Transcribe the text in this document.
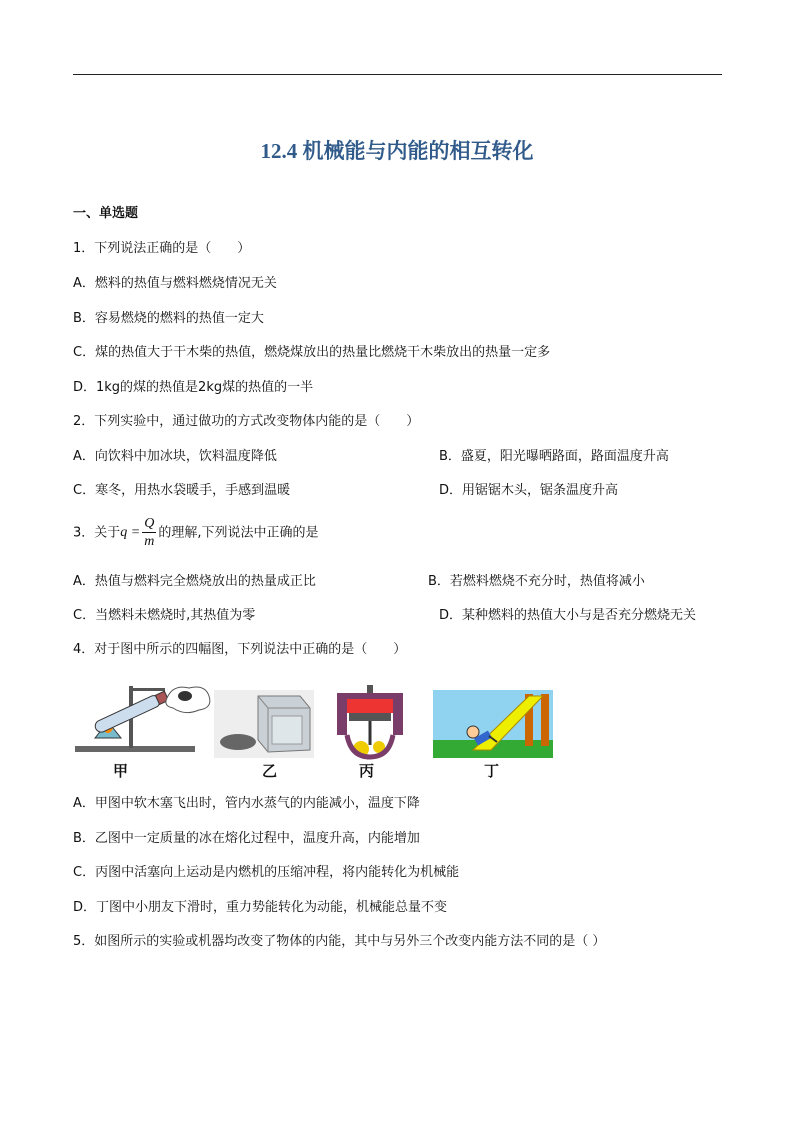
12.4 机械能与内能的相互转化
一、单选题
1．下列说法正确的是（　　）
A．燃料的热值与燃料燃烧情况无关
B．容易燃烧的燃料的热值一定大
C．煤的热值大于干木柴的热值，燃烧煤放出的热量比燃烧干木柴放出的热量一定多
D．1kg的煤的热值是2kg煤的热值的一半
2．下列实验中，通过做功的方式改变物体内能的是（　　）
A．向饮料中加冰块，饮料温度降低	B．盛夏，阳光曝晒路面，路面温度升高
C．寒冬，用热水袋暖手，手感到温暖	D．用锯锯木头，锯条温度升高
3．关于$q = \frac{Q}{m}$ 的理解,下列说法中正确的是
A．热值与燃料完全燃烧放出的热量成正比	B．若燃料燃烧不充分时，热值将减小
C．当燃料未燃烧时,其热值为零	D．某种燃料的热值大小与是否充分燃烧无关
4．对于图中所示的四幅图，下列说法中正确的是（　　）
甲	乙	丙	丁
A．甲图中软木塞飞出时，管内水蒸气的内能减小，温度下降
B．乙图中一定质量的冰在熔化过程中，温度升高，内能增加
C．丙图中活塞向上运动是内燃机的压缩冲程，将内能转化为机械能
D．丁图中小朋友下滑时，重力势能转化为动能，机械能总量不变
5．如图所示的实验或机器均改变了物体的内能，其中与另外三个改变内能方法不同的是（ ）
